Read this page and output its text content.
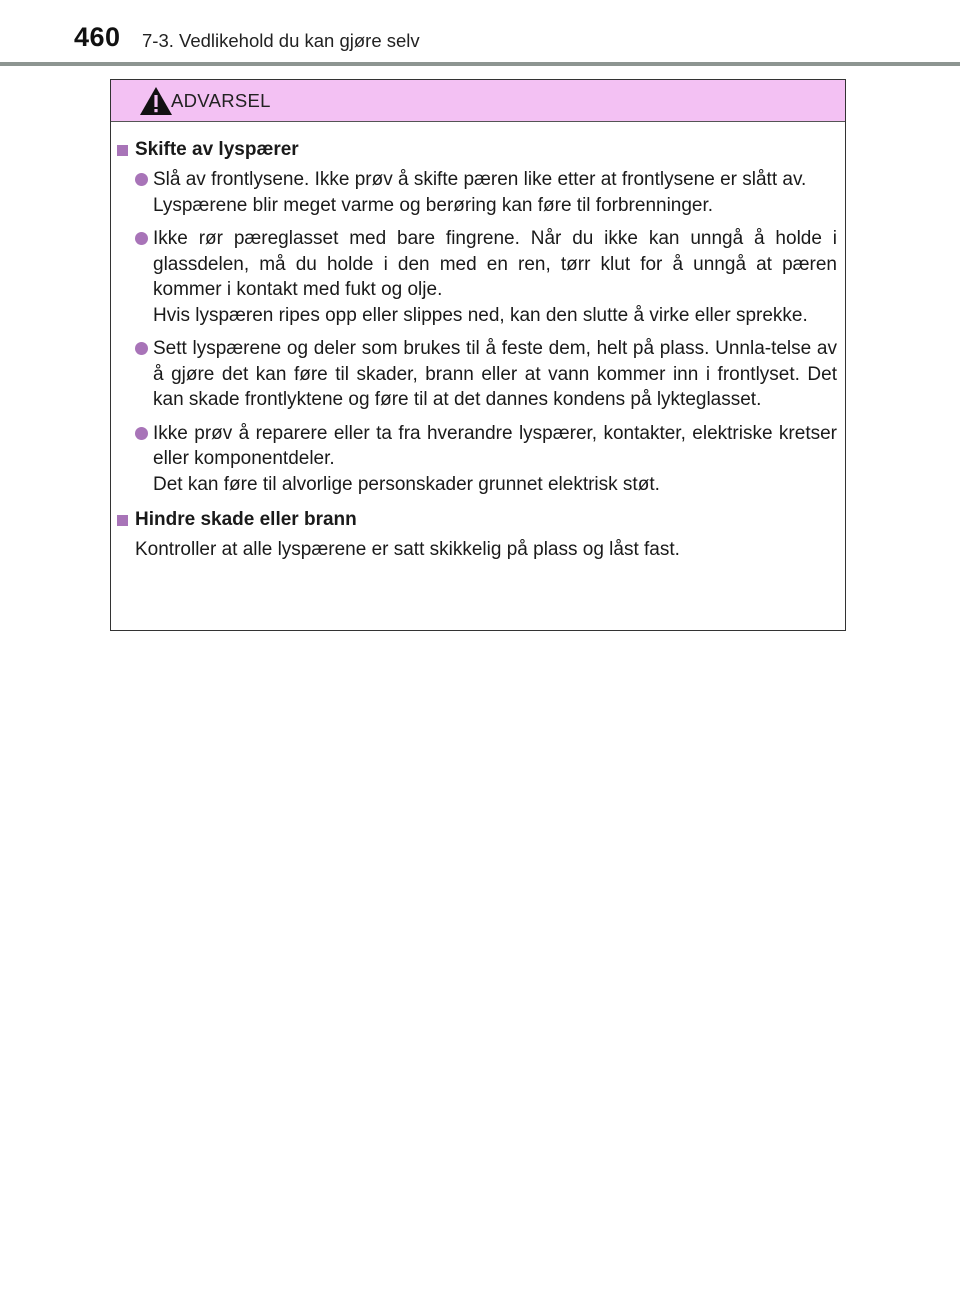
460 7-3. Vedlikehold du kan gjøre selv
ADVARSEL
Skifte av lyspærer

Slå av frontlysene. Ikke prøv å skifte pæren like etter at frontlysene er slått av.

Lyspærene blir meget varme og berøring kan føre til forbrenninger.

Ikke rør pæreglasset med bare fingrene. Når du ikke kan unngå å holde i glassdelen, må du holde i den med en ren, tørr klut for å unngå at pæren kommer i kontakt med fukt og olje.

Hvis lyspæren ripes opp eller slippes ned, kan den slutte å virke eller sprekke.

Sett lyspærene og deler som brukes til å feste dem, helt på plass. Unnla-telse av å gjøre det kan føre til skader, brann eller at vann kommer inn i frontlyset. Det kan skade frontlyktene og føre til at det dannes kondens på lykteglasset.

Ikke prøv å reparere eller ta fra hverandre lyspærer, kontakter, elektriske kretser eller komponentdeler.

Det kan føre til alvorlige personskader grunnet elektrisk støt.

Hindre skade eller brann
Kontroller at alle lyspærene er satt skikkelig på plass og låst fast.
